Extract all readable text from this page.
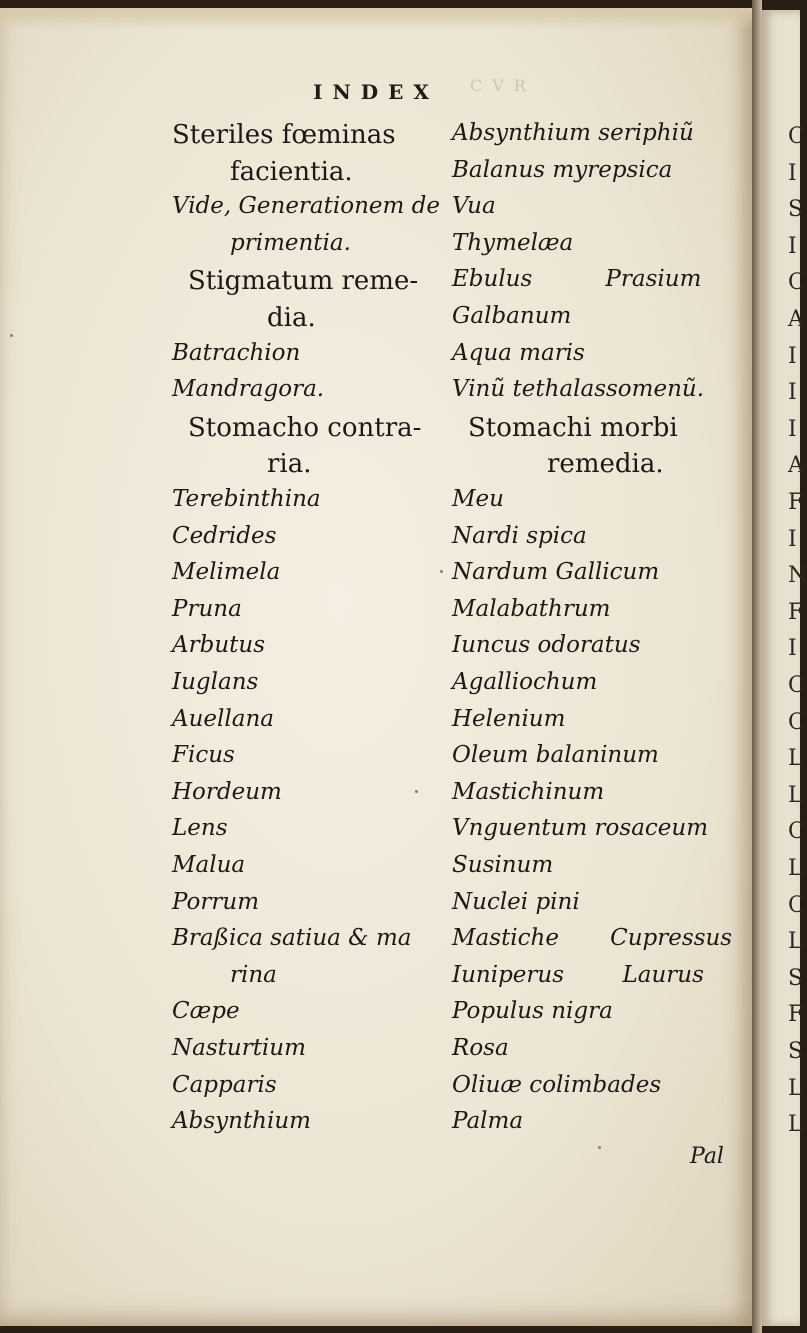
CVR
INDEX
Steriles fœminas
facientia.
Vide, Generationem de
primentia.
Stigmatum reme-
dia.
Batrachion
Mandragora.
Stomacho contra-
ria.
Terebinthina
Cedrides
Melimela
Pruna
Arbutus
Iuglans
Auellana
Ficus
Hordeum
Lens
Malua
Porrum
Braßica satiua & ma
rina
Cæpe
Nasturtium
Capparis
Absynthium
Absynthium seriphiũ
Balanus myrepsica
Vua
Thymelæa
Ebulus          Prasium
Galbanum
Aqua maris
Vinũ tethalassomenũ.
Stomachi morbi
remedia.
Meu
Nardi spica
Nardum Gallicum
Malabathrum
Iuncus odoratus
Agalliochum
Helenium
Oleum balaninum
Mastichinum
Vnguentum rosaceum
Susinum
Nuclei pini
Mastiche       Cupressus
Iuniperus        Laurus
Populus nigra
Rosa
Oliuæ colimbades
Palma
Pal
C
I
S
I
C
A
I
I
I
A
F
I
N
F
I
C
C
L
L
C
L
C
L
S
F
S
L
L
